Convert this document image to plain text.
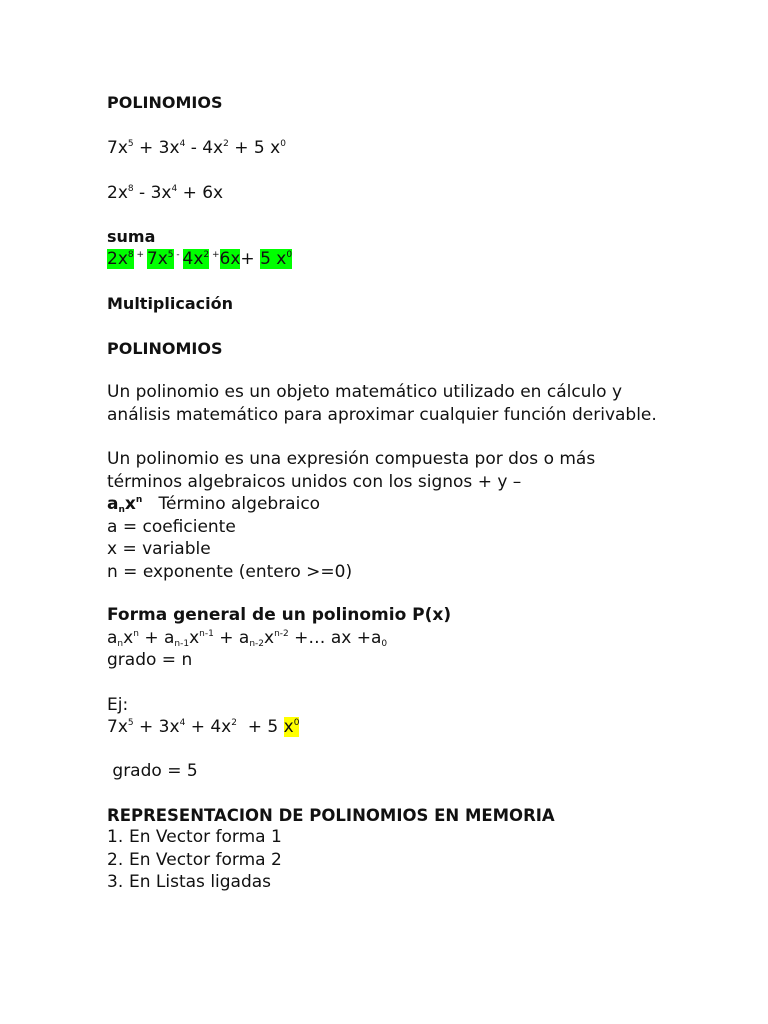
POLINOMIOS
$7x^5 + 3x^4 - 4x^2 + 5$ $x^0$
$2x^8 - 3x^4 + 6x$
suma
$2x^8$ + $7x^5$ - $4x^2$ +6x+ 5 $x^0$
Multiplicación
POLINOMIOS
Un polinomio es un objeto matemático utilizado en cálculo y
análisis matemático para aproximar cualquier función derivable.
Un polinomio es una expresión compuesta por dos o más
términos algebraicos unidos con los signos + y –
$a_nx^n$   Término algebraico
a = coeficiente
x = variable
n = exponente (entero >=0)
Forma general de un polinomio P(x)
$a_nx^n + a_{n-1}x^{n-1} + a_{n-2}x^{n-2}$ +… ax $+a_0$
grado = n
Ej:
$7x^5 + 3x^4 + 4x^2 + 5$ $x^0$
grado = 5
REPRESENTACION DE POLINOMIOS EN MEMORIA
1. En Vector forma 1
2. En Vector forma 2
3. En Listas ligadas
